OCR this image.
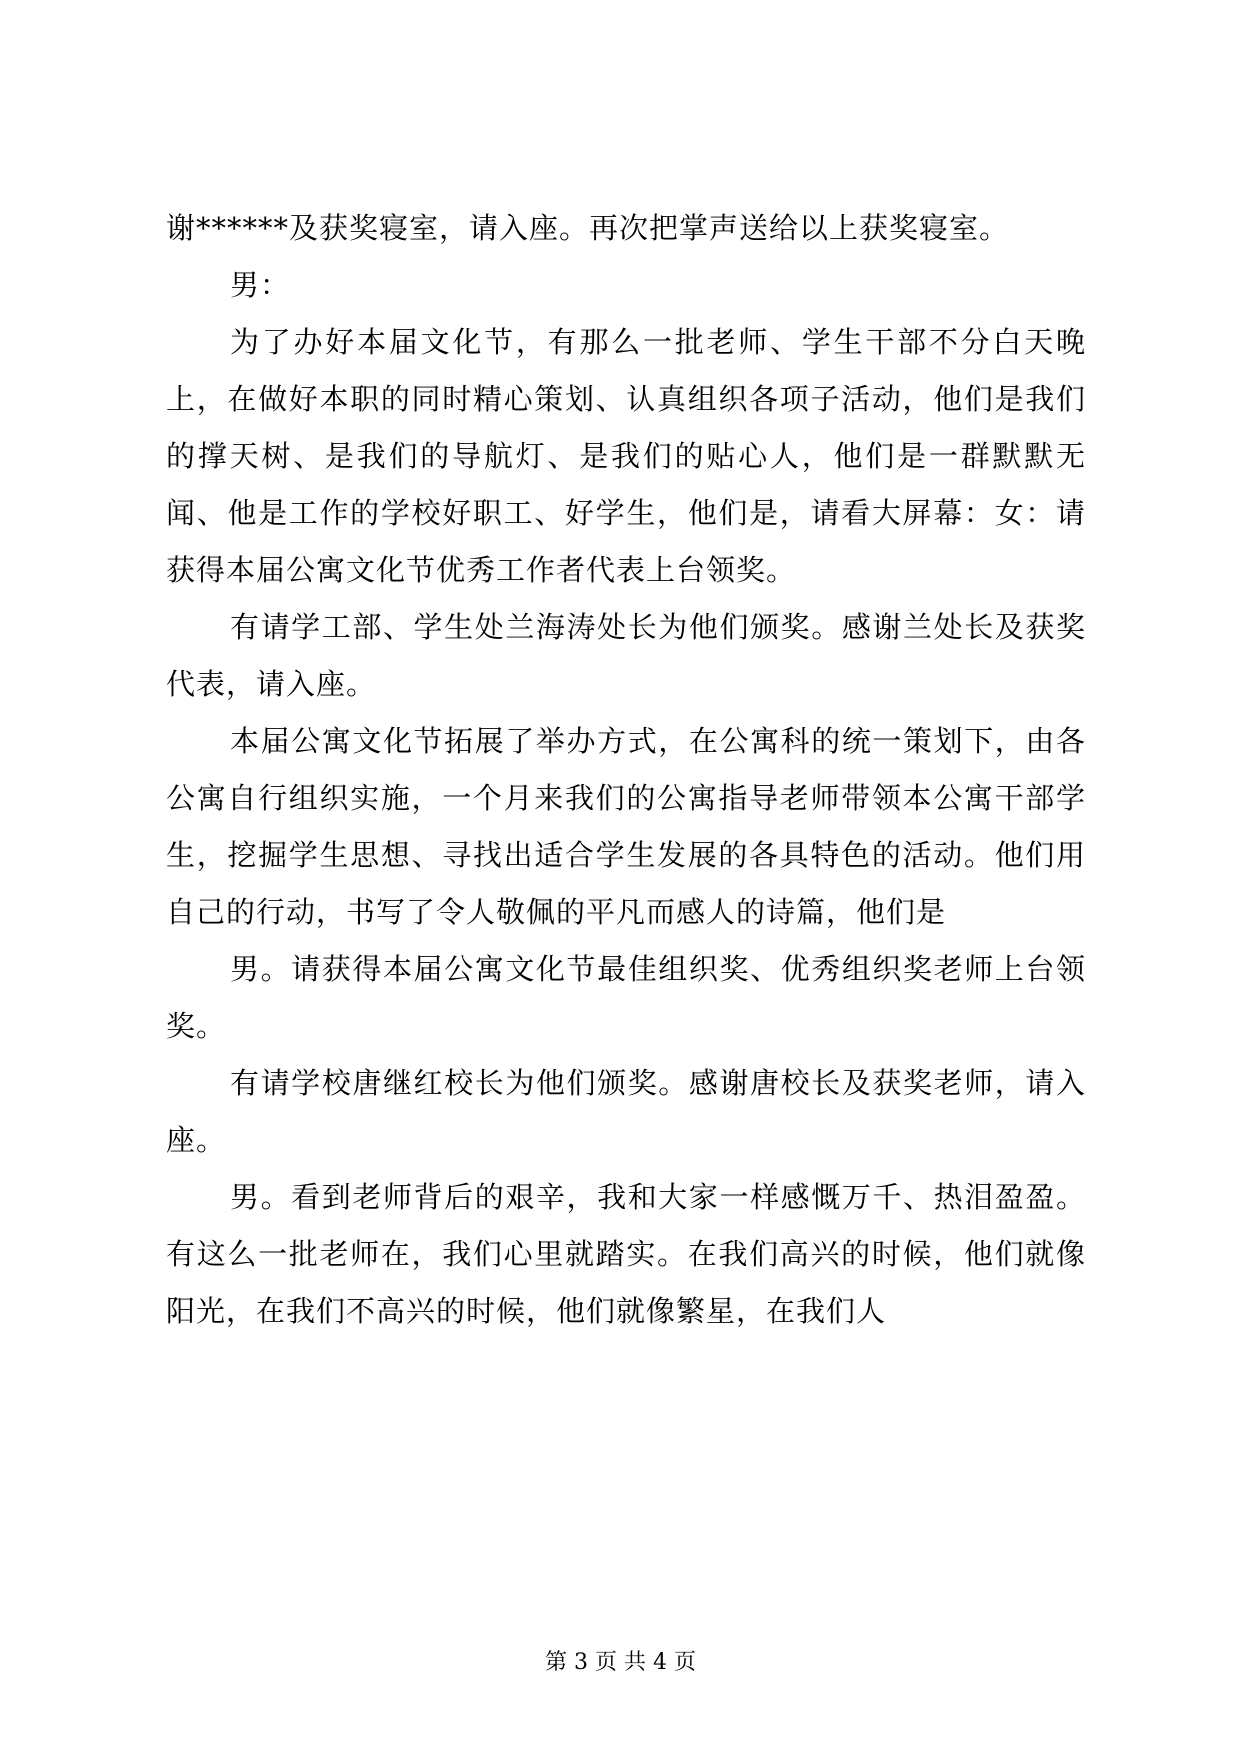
谢******及获奖寝室，请入座。再次把掌声送给以上获奖寝室。

男：

为了办好本届文化节，有那么一批老师、学生干部不分白天晚上，在做好本职的同时精心策划、认真组织各项子活动，他们是我们的撑天树、是我们的导航灯、是我们的贴心人，他们是一群默默无闻、他是工作的学校好职工、好学生，他们是，请看大屏幕：女：请获得本届公寓文化节优秀工作者代表上台领奖。

有请学工部、学生处兰海涛处长为他们颁奖。感谢兰处长及获奖代表，请入座。

本届公寓文化节拓展了举办方式，在公寓科的统一策划下，由各公寓自行组织实施，一个月来我们的公寓指导老师带领本公寓干部学生，挖掘学生思想、寻找出适合学生发展的各具特色的活动。他们用自己的行动，书写了令人敬佩的平凡而感人的诗篇，他们是

男。请获得本届公寓文化节最佳组织奖、优秀组织奖老师上台领奖。

有请学校唐继红校长为他们颁奖。感谢唐校长及获奖老师，请入座。

男。看到老师背后的艰辛，我和大家一样感慨万千、热泪盈盈。有这么一批老师在，我们心里就踏实。在我们高兴的时候，他们就像阳光，在我们不高兴的时候，他们就像繁星，在我们人

第 3 页 共 4 页
